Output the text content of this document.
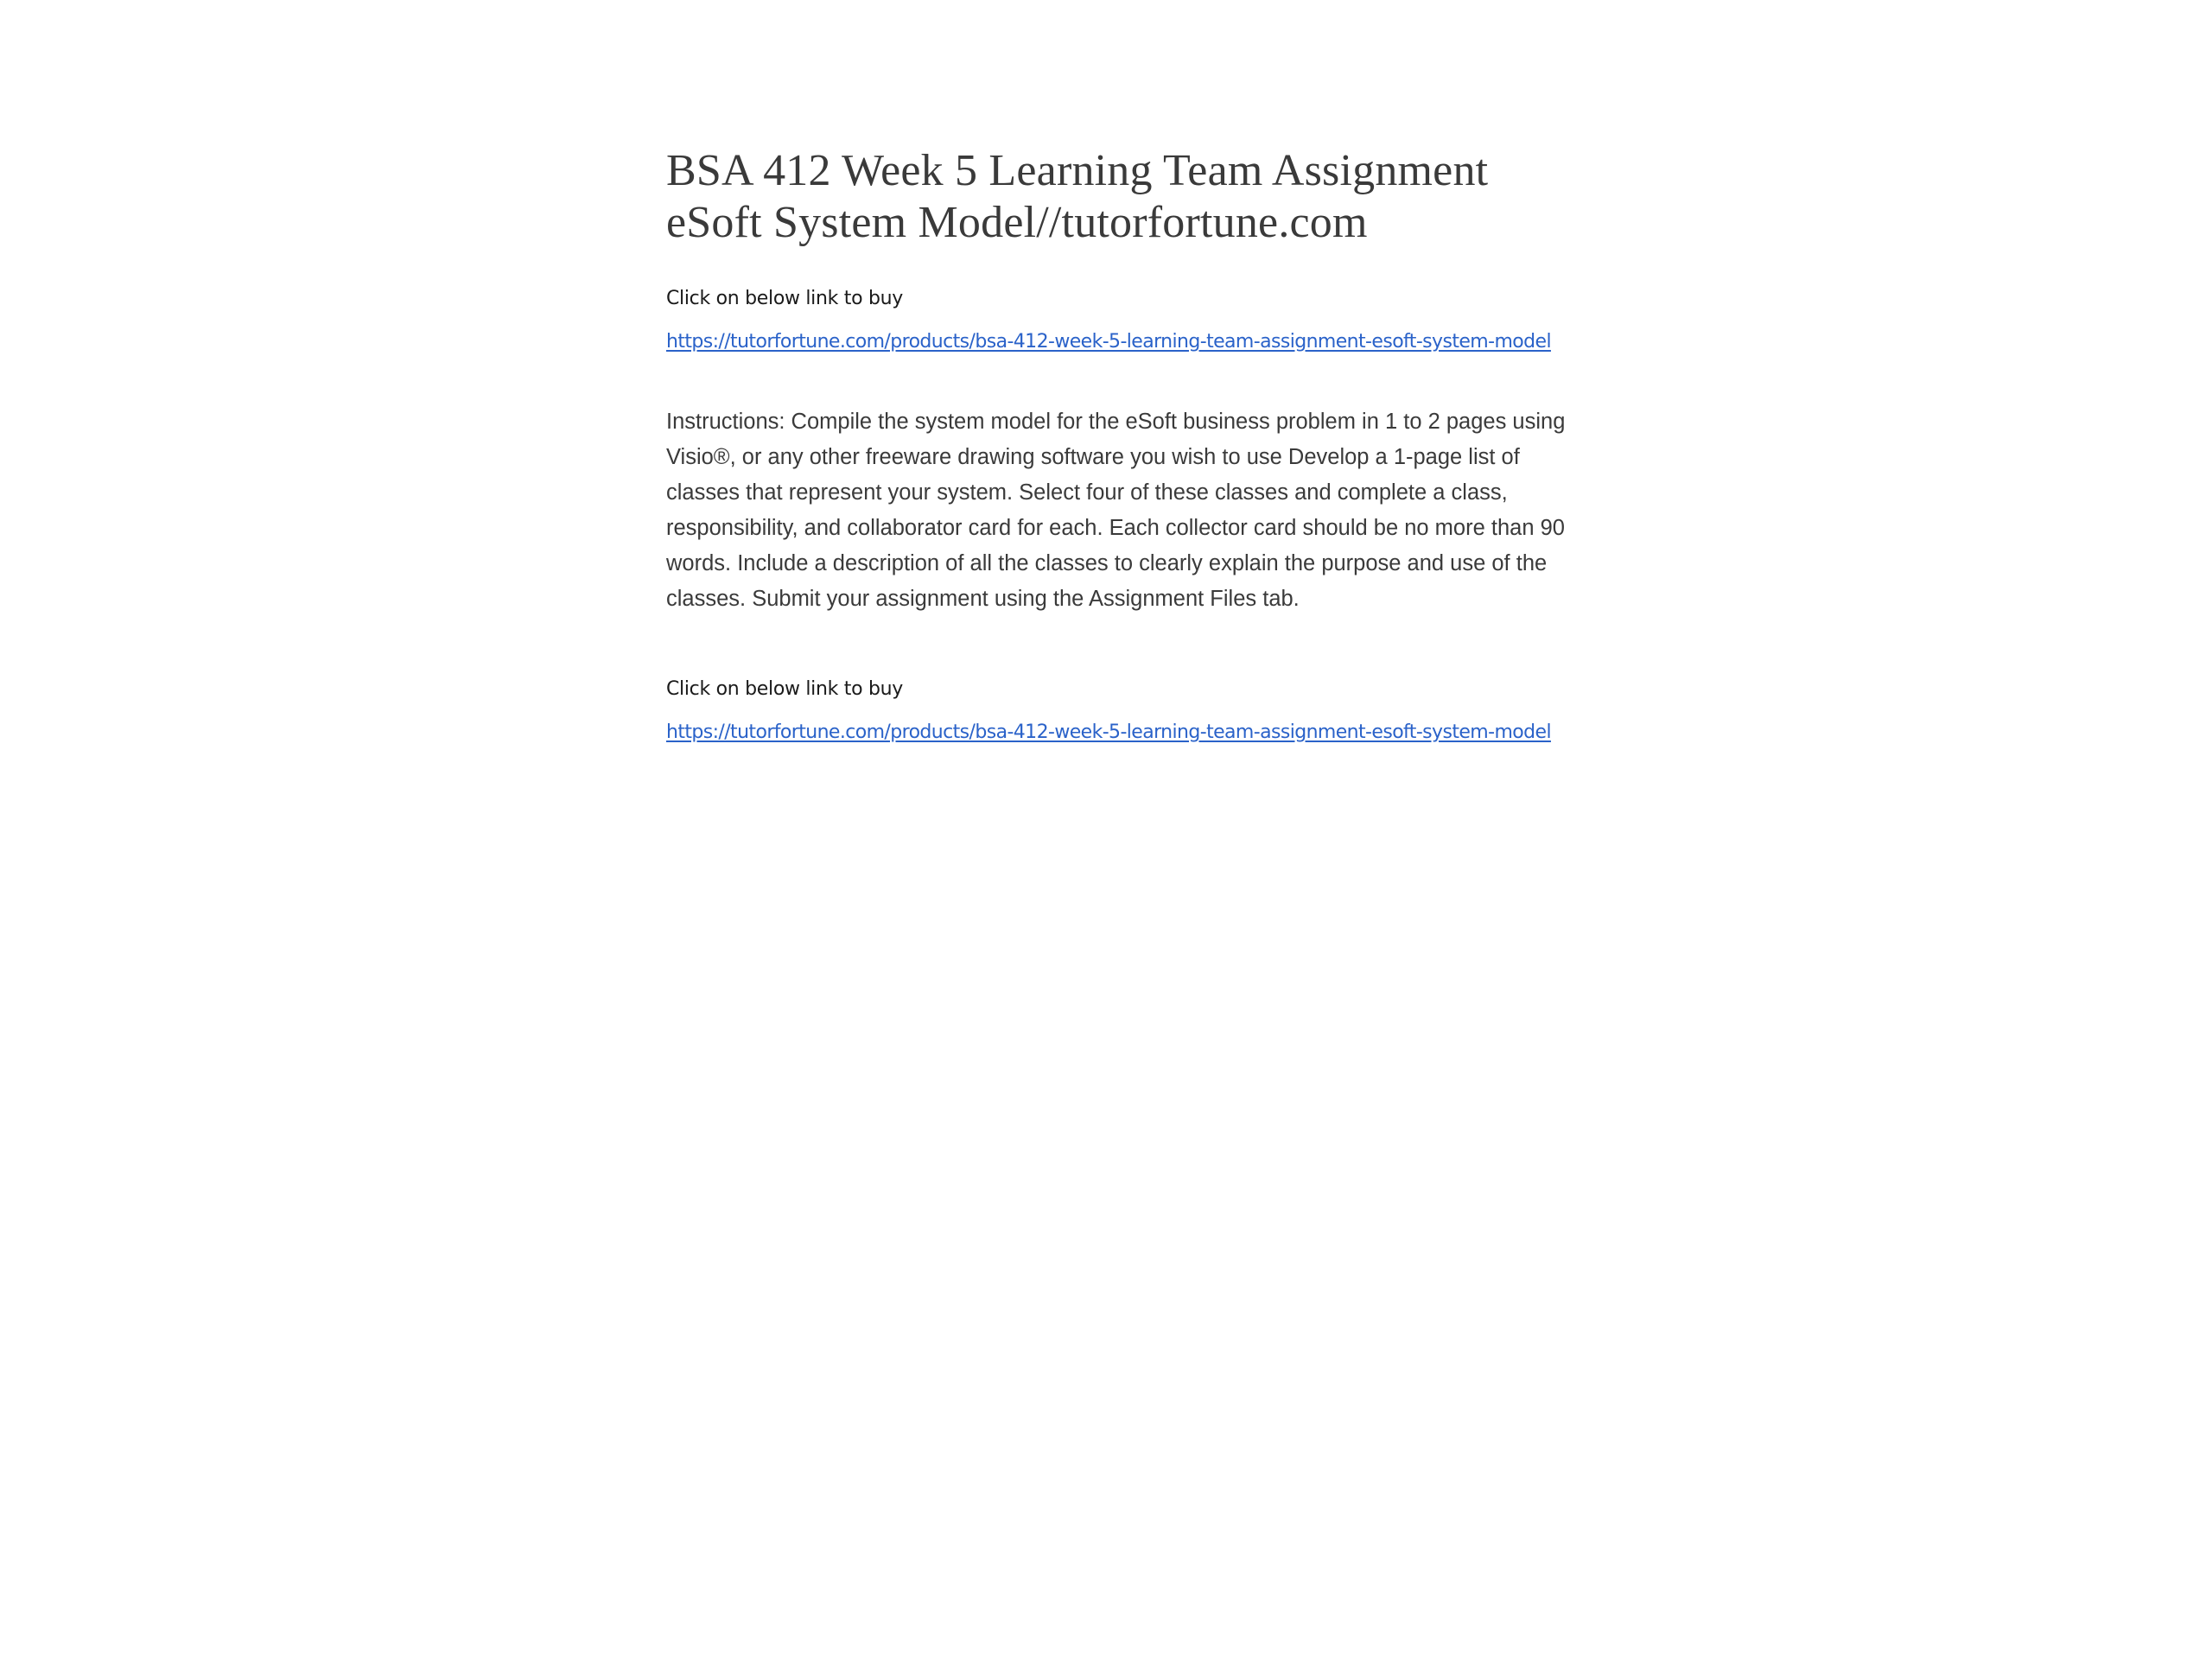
BSA 412 Week 5 Learning Team Assignment
eSoft System Model//tutorfortune.com

Click on below link to buy

https://tutorfortune.com/products/bsa-412-week-5-learning-team-assignment-esoft-system-model

Instructions: Compile the system model for the eSoft business problem in 1 to 2 pages using Visio®, or any other freeware drawing software you wish to use Develop a 1-page list of classes that represent your system. Select four of these classes and complete a class, responsibility, and collaborator card for each. Each collector card should be no more than 90 words. Include a description of all the classes to clearly explain the purpose and use of the classes. Submit your assignment using the Assignment Files tab.

Click on below link to buy

https://tutorfortune.com/products/bsa-412-week-5-learning-team-assignment-esoft-system-model
